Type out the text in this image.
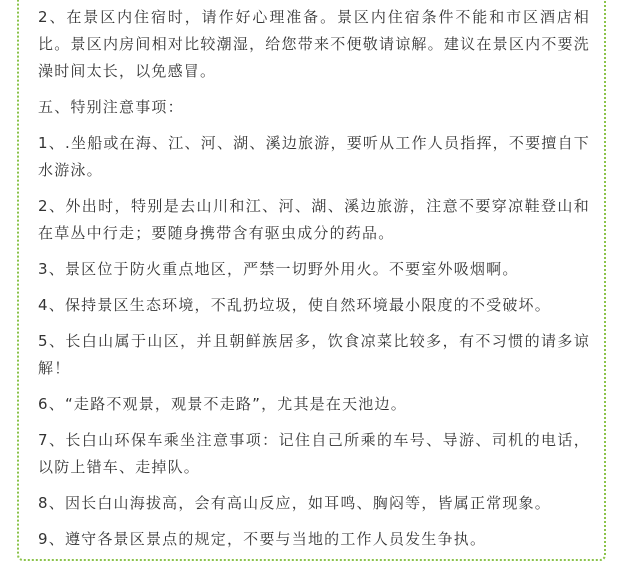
2、在景区内住宿时，请作好心理准备。景区内住宿条件不能和市区酒店相比。景区内房间相对比较潮湿，给您带来不便敬请谅解。建议在景区内不要洗澡时间太长，以免感冒。

五、特别注意事项：

1、.坐船或在海、江、河、湖、溪边旅游，要听从工作人员指挥，不要擅自下水游泳。

2、外出时，特别是去山川和江、河、湖、溪边旅游，注意不要穿凉鞋登山和在草丛中行走；要随身携带含有驱虫成分的药品。

3、景区位于防火重点地区，严禁一切野外用火。不要室外吸烟啊。

4、保持景区生态环境，不乱扔垃圾，使自然环境最小限度的不受破坏。

5、长白山属于山区，并且朝鲜族居多，饮食凉菜比较多，有不习惯的请多谅解！

6、“走路不观景，观景不走路”，尤其是在天池边。

7、长白山环保车乘坐注意事项：记住自己所乘的车号、导游、司机的电话，以防上错车、走掉队。

8、因长白山海拔高，会有高山反应，如耳鸣、胸闷等，皆属正常现象。

9、遵守各景区景点的规定，不要与当地的工作人员发生争执。
